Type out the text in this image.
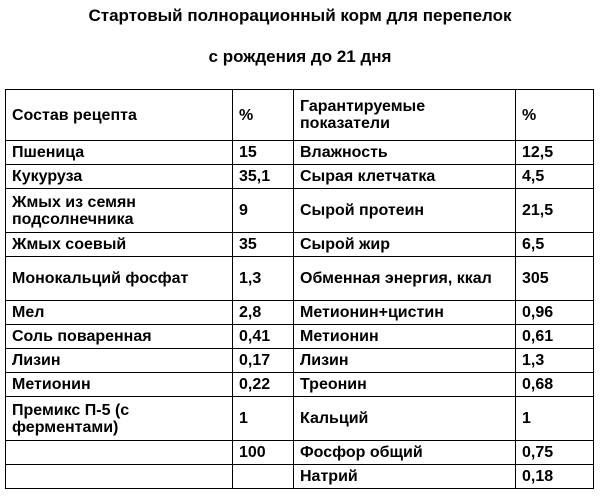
Стартовый полнорационный корм для перепелок
с рождения до 21 дня
Состав рецепта	%	Гарантируемые показатели	%
Пшеница	15	Влажность	12,5
Кукуруза	35,1	Сырая клетчатка	4,5
Жмых из семян подсолнечника	9	Сырой протеин	21,5
Жмых соевый	35	Сырой жир	6,5
Монокальций фосфат	1,3	Обменная энергия, ккал	305
Мел	2,8	Метионин+цистин	0,96
Соль поваренная	0,41	Метионин	0,61
Лизин	0,17	Лизин	1,3
Метионин	0,22	Треонин	0,68
Премикс П-5 (с ферментами)	1	Кальций	1
	100	Фосфор общий	0,75
		Натрий	0,18
